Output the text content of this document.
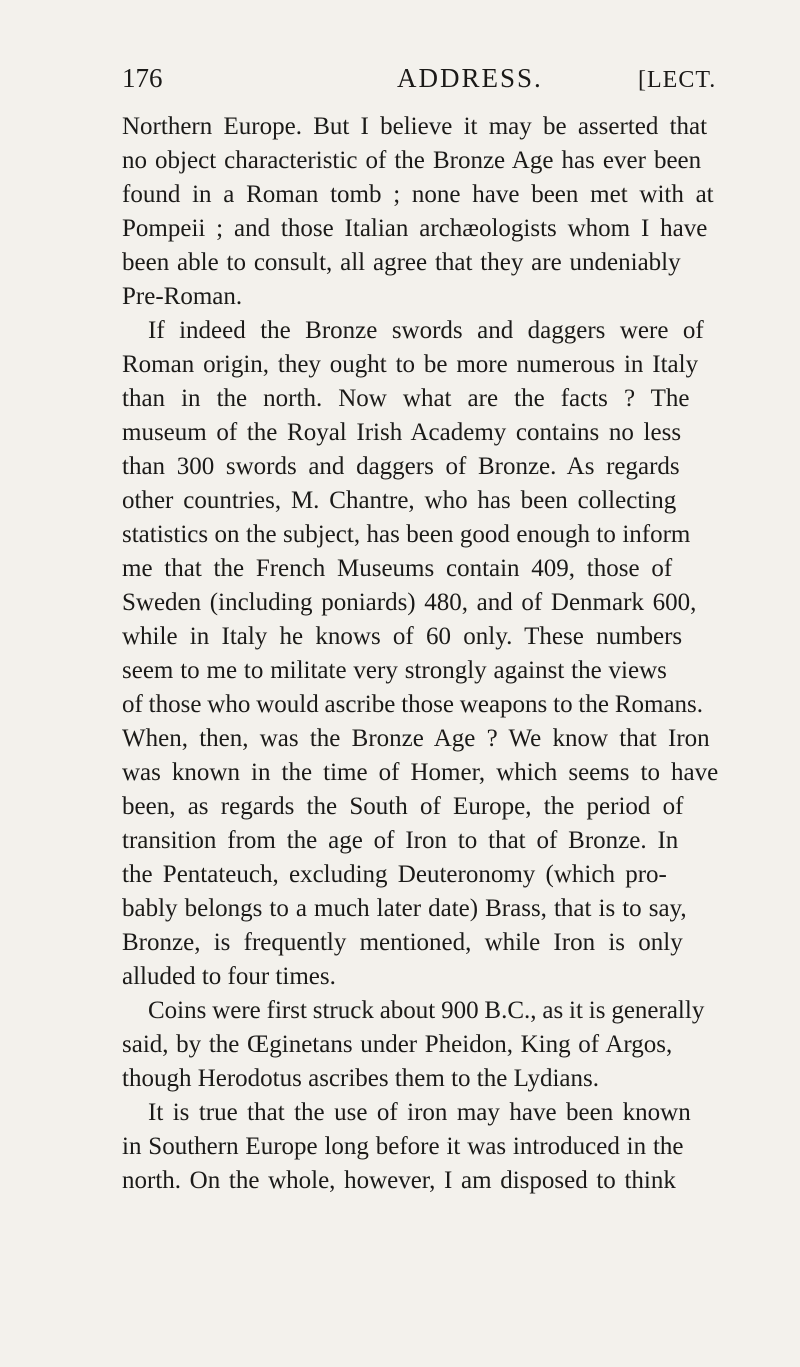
176	ADDRESS.	[LECT.
Northern Europe. But I believe it may be asserted that
no object characteristic of the Bronze Age has ever been
found in a Roman tomb ; none have been met with at
Pompeii ; and those Italian archæologists whom I have
been able to consult, all agree that they are undeniably
Pre-Roman.
If indeed the Bronze swords and daggers were of
Roman origin, they ought to be more numerous in Italy
than in the north. Now what are the facts ? The
museum of the Royal Irish Academy contains no less
than 300 swords and daggers of Bronze. As regards
other countries, M. Chantre, who has been collecting
statistics on the subject, has been good enough to inform
me that the French Museums contain 409, those of
Sweden (including poniards) 480, and of Denmark 600,
while in Italy he knows of 60 only. These numbers
seem to me to militate very strongly against the views
of those who would ascribe those weapons to the Romans.
When, then, was the Bronze Age ? We know that Iron
was known in the time of Homer, which seems to have
been, as regards the South of Europe, the period of
transition from the age of Iron to that of Bronze. In
the Pentateuch, excluding Deuteronomy (which pro-
bably belongs to a much later date) Brass, that is to say,
Bronze, is frequently mentioned, while Iron is only
alluded to four times.
Coins were first struck about 900 B.C., as it is generally
said, by the Œginetans under Pheidon, King of Argos,
though Herodotus ascribes them to the Lydians.
It is true that the use of iron may have been known
in Southern Europe long before it was introduced in the
north. On the whole, however, I am disposed to think
